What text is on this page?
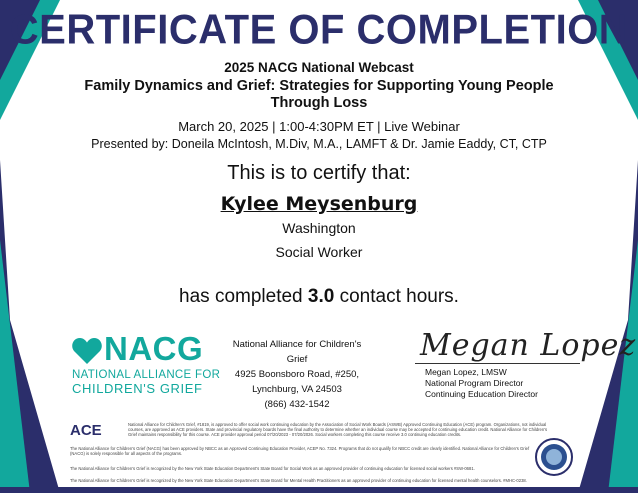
CERTIFICATE OF COMPLETION
2025 NACG National Webcast
Family Dynamics and Grief: Strategies for Supporting Young People Through Loss
March 20, 2025 | 1:00-4:30PM ET | Live Webinar
Presented by: Doneila McIntosh, M.Div, M.A., LAMFT & Dr. Jamie Eaddy, CT, CTP
This is to certify that:
Kylee Meysenburg
Washington
Social Worker
has completed 3.0 contact hours.
NACG
NATIONAL ALLIANCE FOR
CHILDREN'S GRIEF
National Alliance for Children's Grief
4925 Boonsboro Road, #250,
Lynchburg, VA 24503
(866) 432-1542
Megan Lopez
Megan Lopez, LMSW
National Program Director
Continuing Education Director
ACE	National Alliance for Children's Grief, #1819, is approved to offer social work continuing education by the Association of Social Work Boards (ASWB) Approved Continuing Education (ACE) program. Organizations, not individual courses, are approved as ACE providers. State and provincial regulatory boards have the final authority to determine whether an individual course may be accepted for continuing education credit. National Alliance for Children's Grief maintains responsibility for this course. ACE provider approval period 07/20/2023 - 07/20/2026. Social workers completing this course receive 3.0 continuing education credits.
The National Alliance for Children's Grief (NACG) has been approved by NBCC as an Approved Continuing Education Provider, ACEP No. 7324. Programs that do not qualify for NBCC credit are clearly identified. National Alliance for Children's Grief (NACG) is solely responsible for all aspects of the programs.
The National Alliance for Children's Grief is recognized by the New York State Education Department's State Board for Social Work as an approved provider of continuing education for licensed social workers #SW-0681.
The National Alliance for Children's Grief is recognized by the New York State Education Department's State Board for Mental Health Practitioners as an approved provider of continuing education for licensed mental health counselors. #MHC-0238.
